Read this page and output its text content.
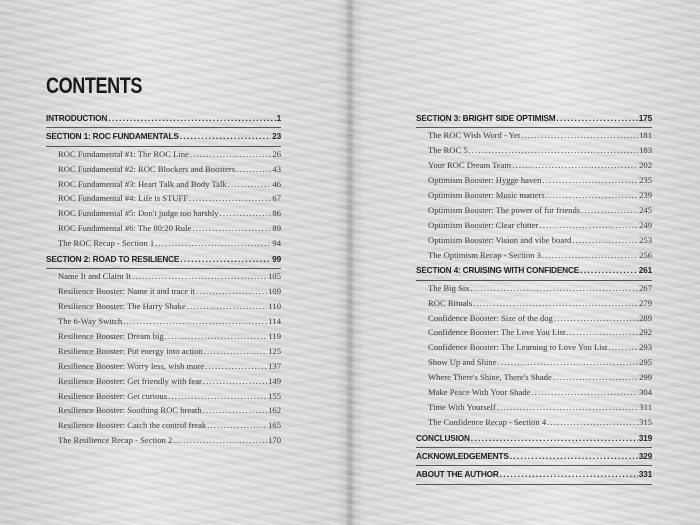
CONTENTS
INTRODUCTION . . .	1
SECTION 1: ROC FUNDAMENTALS . . .	23
ROC Fundamental #1: The ROC Line . . .	26
ROC Fundamental #2: ROC Blockers and Boosters . . .	43
ROC Fundamental #3: Heart Talk and Body Talk . . .	46
ROC Fundamental #4: Life is STUFF . . .	67
ROC Fundamental #5: Don't judge too harshly . . .	86
ROC Fundamental #6: The 80:20 Rule . . .	89
The ROC Recap - Section 1 . . .	94
SECTION 2: ROAD TO RESILIENCE . . .	99
Name It and Claim It . . .	105
Resilience Booster: Name it and trace it . . .	109
Resilience Booster: The Harry Shake . . .	110
The 6-Way Switch . . .	114
Resilience Booster: Dream big . . .	119
Resilience Booster: Put energy into action . . .	125
Resilience Booster: Worry less, wish more . . .	137
Resilience Booster: Get friendly with fear . . .	149
Resilience Booster: Get curious . . .	155
Resilience Booster: Soothing ROC breath . . .	162
Resilience Booster: Catch the control freak . . .	165
The Resilience Recap - Section 2 . . .	170
SECTION 3: BRIGHT SIDE OPTIMISM . . .	175
The ROC Wish Word - Yet . . .	181
The ROC 5 . . .	183
Your ROC Dream Team . . .	202
Optimism Booster: Hygge haven . . .	235
Optimism Booster: Music matters . . .	239
Optimism Booster: The power of fur friends . . .	245
Optimism Booster: Clear clutter . . .	249
Optimism Booster: Vision and vibe board . . .	253
The Optimism Recap - Section 3 . . .	256
SECTION 4: CRUISING WITH CONFIDENCE . . .	261
The Big Six . . .	267
ROC Rituals . . .	279
Confidence Booster: Size of the dog . . .	289
Confidence Booster: The Love You List . . .	292
Confidence Booster: The Learning to Love You List . . .	293
Show Up and Shine . . .	295
Where There's Shine, There's Shade . . .	299
Make Peace With Your Shade . . .	304
Time With Yourself . . .	311
The Confidence Recap - Section 4 . . .	315
CONCLUSION . . .	319
ACKNOWLEDGEMENTS . . .	329
ABOUT THE AUTHOR . . .	331
